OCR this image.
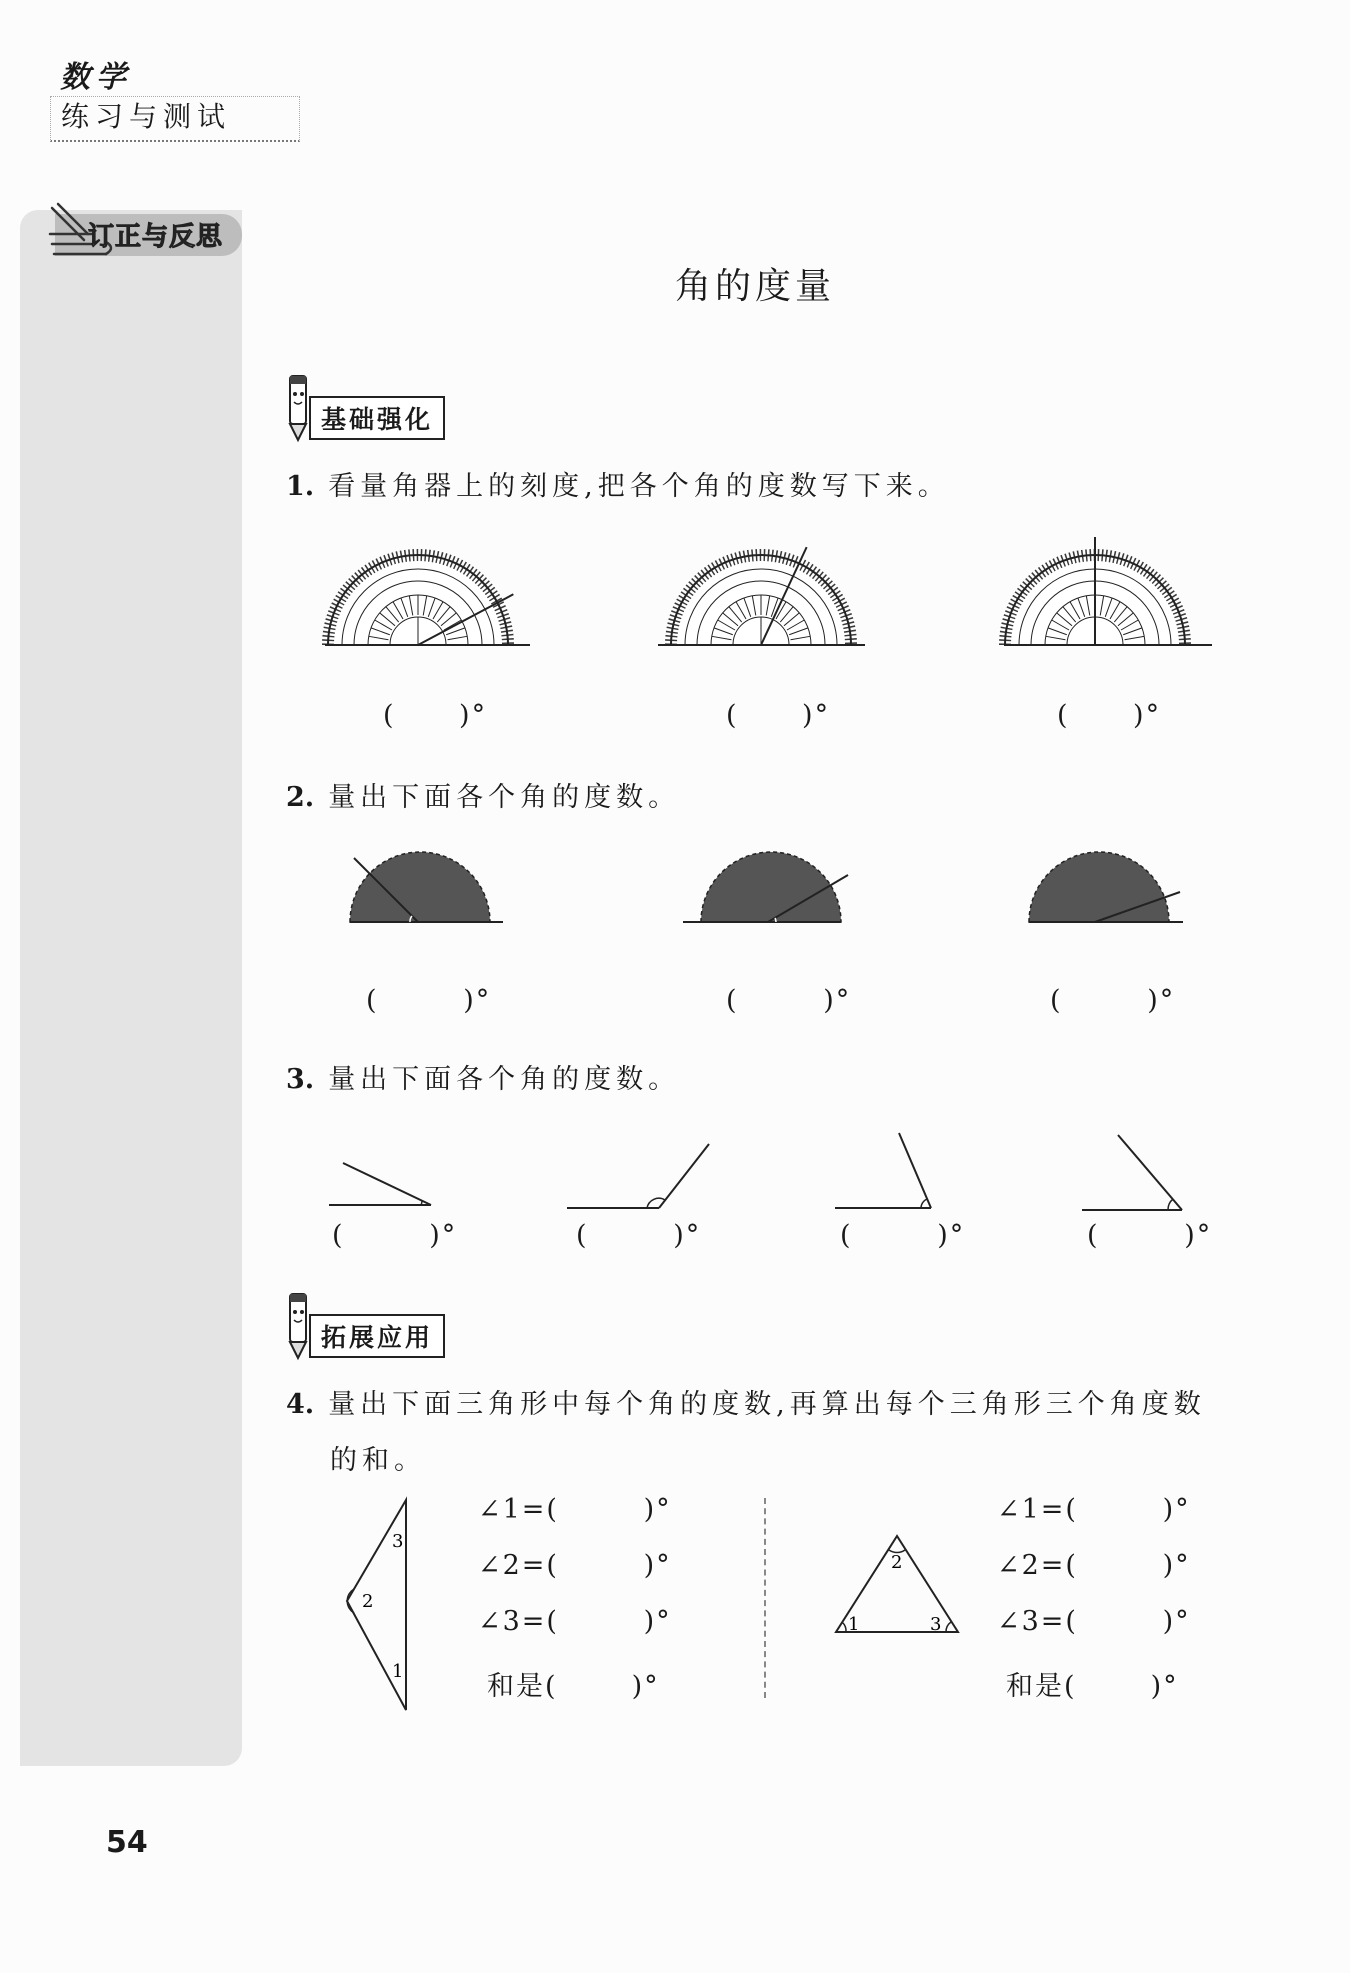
数学
练习与测试
订正与反思
角的度量
基础强化
1. 看量角器上的刻度,把各个角的度数写下来。
(      )°	(      )°	(      )°
2. 量出下面各个角的度数。
(        )°	(        )°	(        )°
3. 量出下面各个角的度数。
(        )°	(        )°	(        )°	(        )°
拓展应用
4. 量出下面三角形中每个角的度数,再算出每个三角形三个角度数
的和。
3
2
1
∠1=(        )°
∠2=(        )°
∠3=(        )°
和是(       )°
2
1	3
∠1=(        )°
∠2=(        )°
∠3=(        )°
和是(       )°
54
